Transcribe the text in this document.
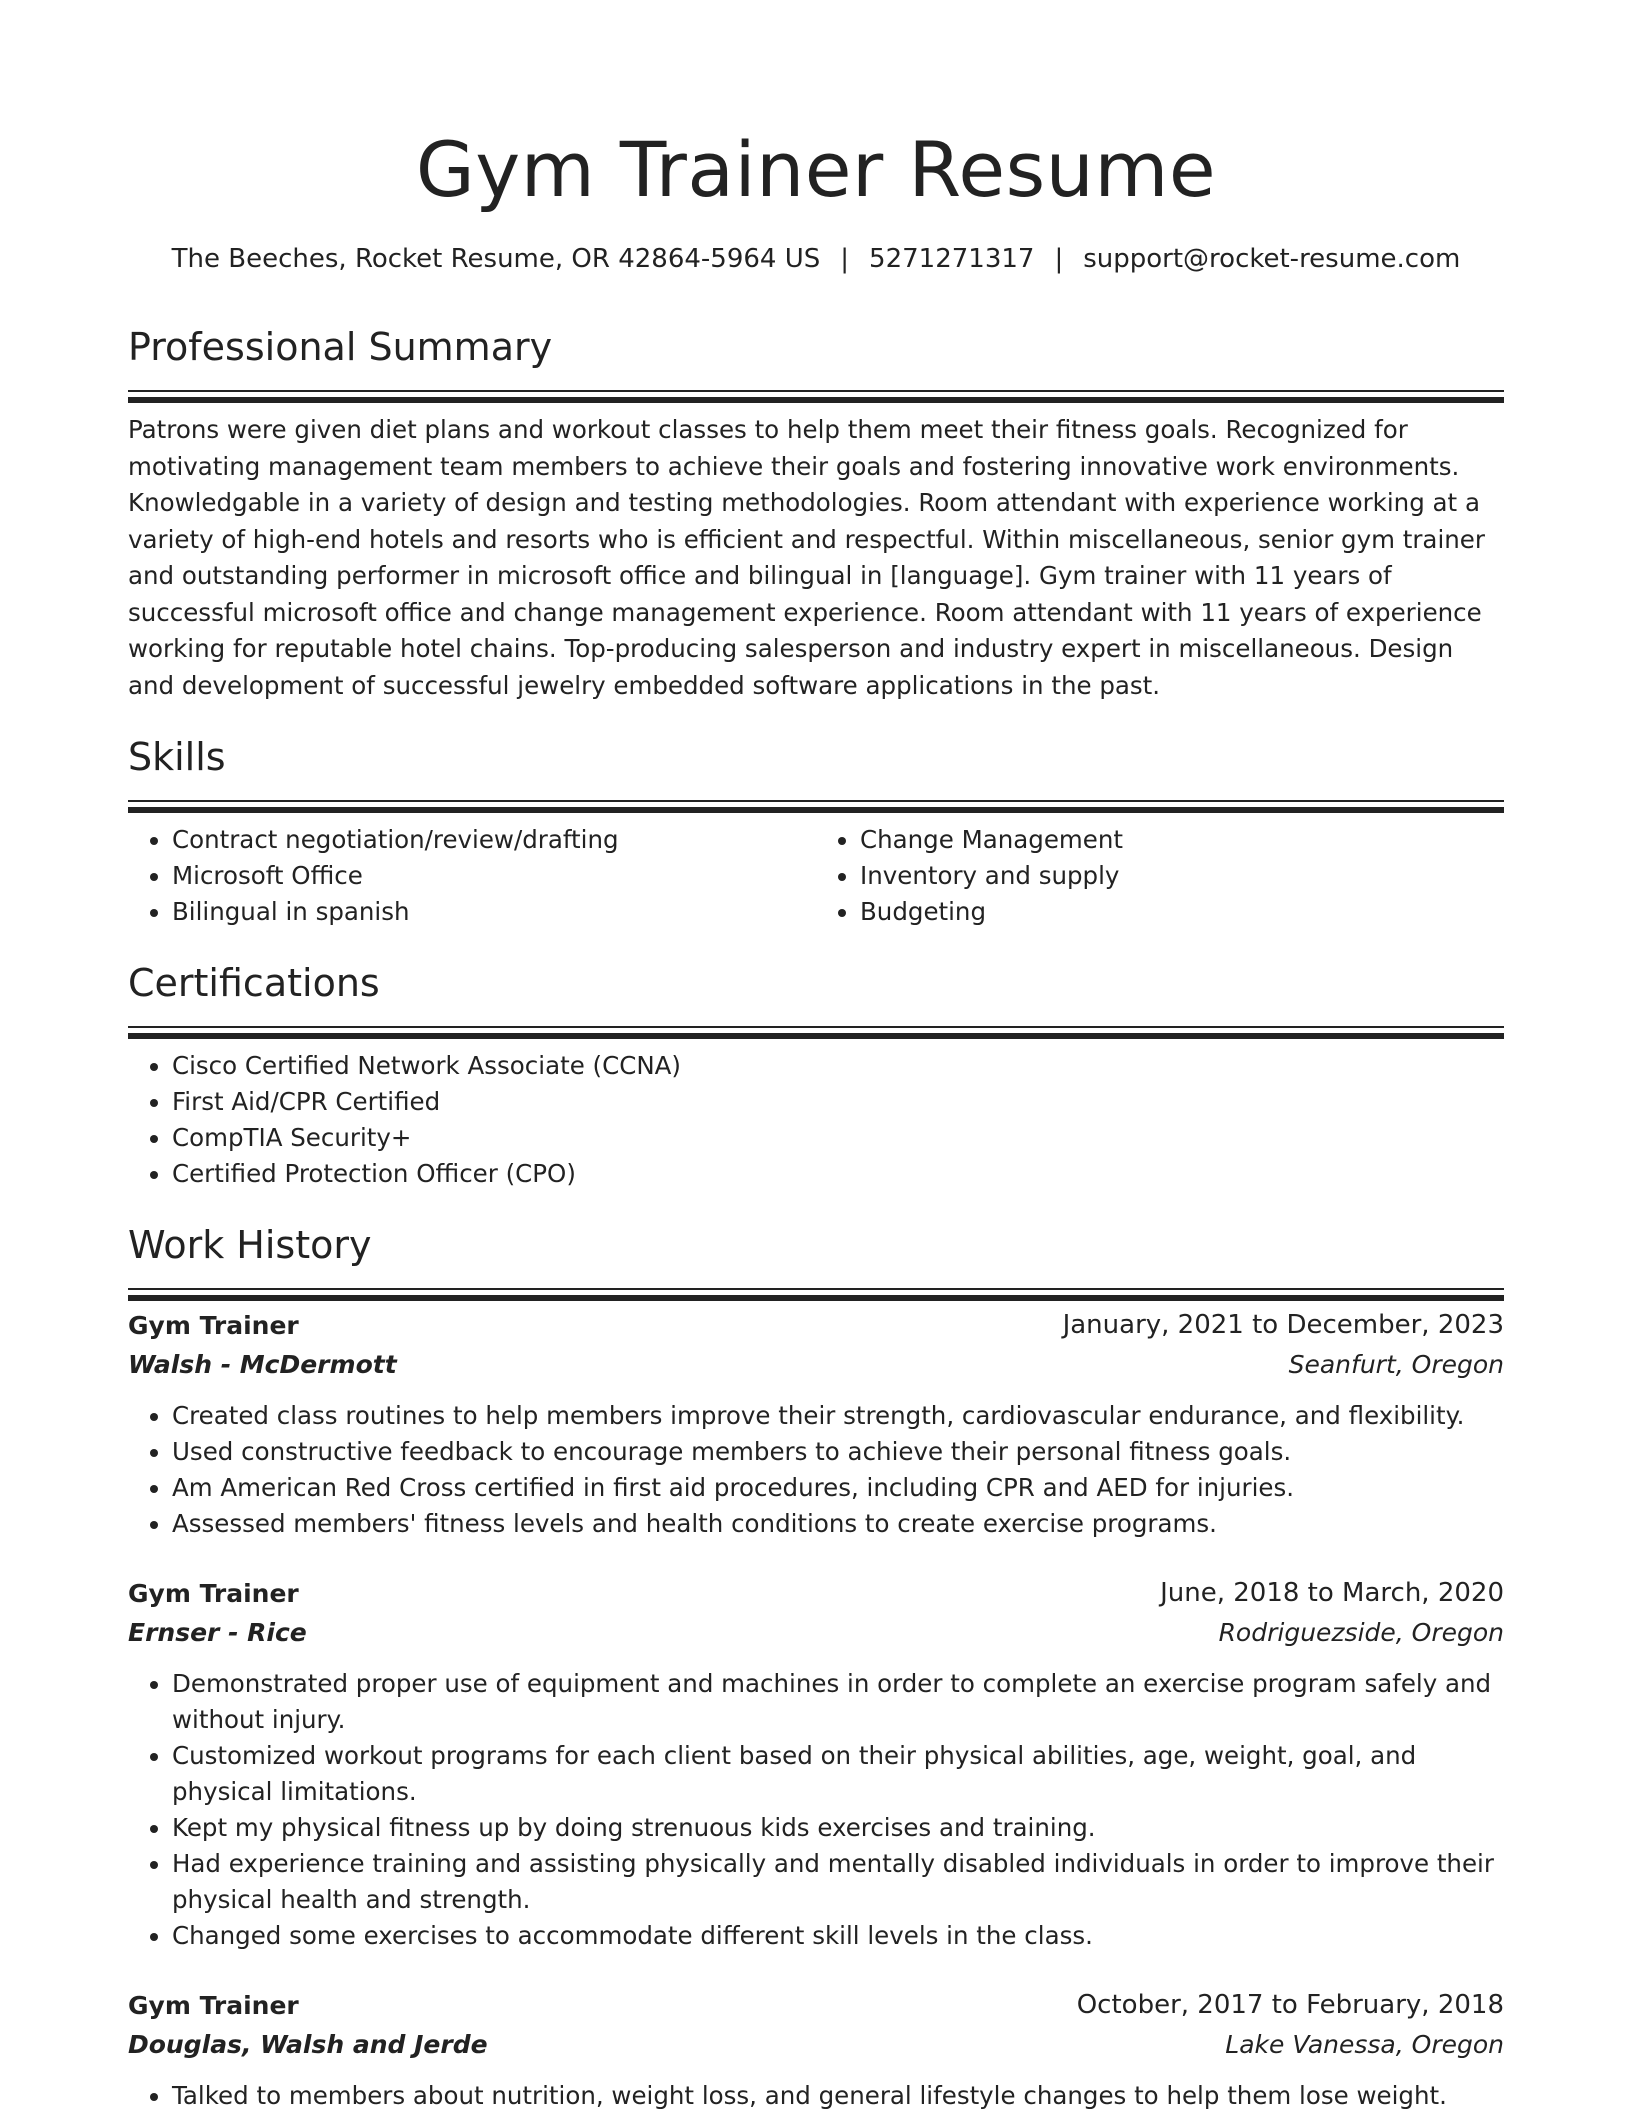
Gym Trainer Resume
The Beeches, Rocket Resume, OR 42864-5964 US | 5271271317 | support@rocket-resume.com
Professional Summary

Patrons were given diet plans and workout classes to help them meet their fitness goals. Recognized for motivating management team members to achieve their goals and fostering innovative work environments. Knowledgable in a variety of design and testing methodologies. Room attendant with experience working at a variety of high-end hotels and resorts who is efficient and respectful. Within miscellaneous, senior gym trainer and outstanding performer in microsoft office and bilingual in [language]. Gym trainer with 11 years of successful microsoft office and change management experience. Room attendant with 11 years of experience working for reputable hotel chains. Top-producing salesperson and industry expert in miscellaneous. Design and development of successful jewelry embedded software applications in the past.

Skills
• Contract negotiation/review/drafting
• Microsoft Office
• Bilingual in spanish
• Change Management
• Inventory and supply
• Budgeting
Certifications
• Cisco Certified Network Associate (CCNA)
• First Aid/CPR Certified
• CompTIA Security+
• Certified Protection Officer (CPO)
Work History
Gym Trainer	January, 2021 to December, 2023
Walsh - McDermott	Seanfurt, Oregon
• Created class routines to help members improve their strength, cardiovascular endurance, and flexibility.
• Used constructive feedback to encourage members to achieve their personal fitness goals.
• Am American Red Cross certified in first aid procedures, including CPR and AED for injuries.
• Assessed members' fitness levels and health conditions to create exercise programs.
Gym Trainer	June, 2018 to March, 2020
Ernser - Rice	Rodriguezside, Oregon
• Demonstrated proper use of equipment and machines in order to complete an exercise program safely and without injury.
• Customized workout programs for each client based on their physical abilities, age, weight, goal, and physical limitations.
• Kept my physical fitness up by doing strenuous kids exercises and training.
• Had experience training and assisting physically and mentally disabled individuals in order to improve their physical health and strength.
• Changed some exercises to accommodate different skill levels in the class.
Gym Trainer	October, 2017 to February, 2018
Douglas, Walsh and Jerde	Lake Vanessa, Oregon
• Talked to members about nutrition, weight loss, and general lifestyle changes to help them lose weight.
